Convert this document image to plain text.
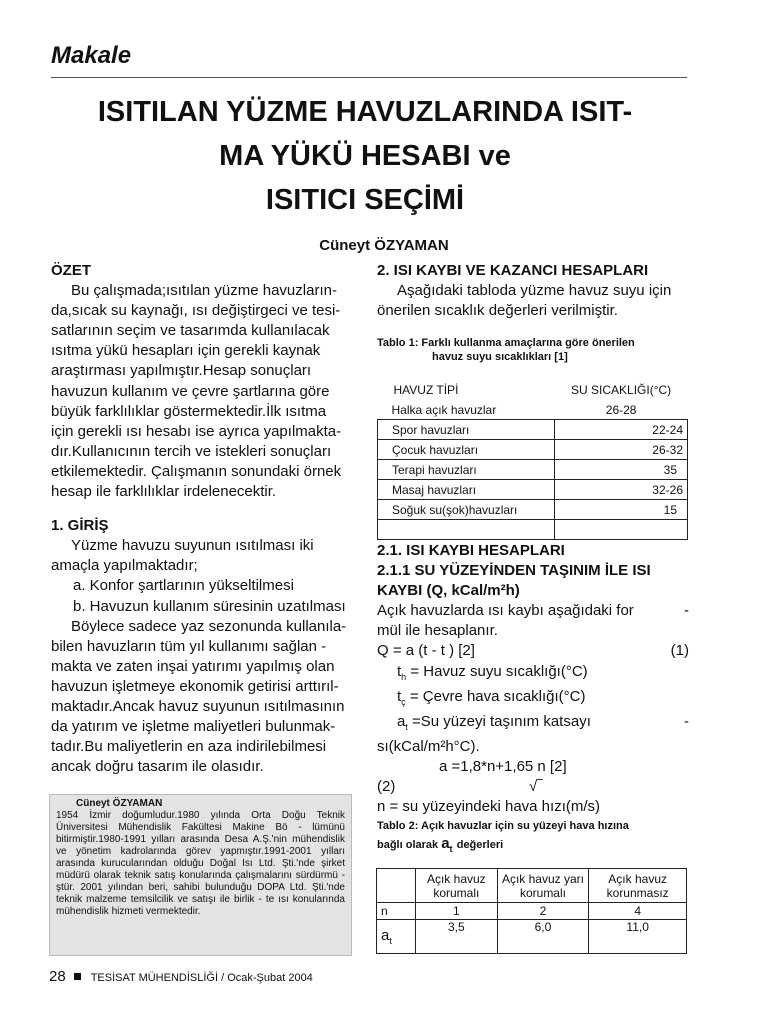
Makale
ISITILAN YÜZME HAVUZLARINDA ISIT-
MA YÜKÜ HESABI ve
ISITICI SEÇİMİ
Cüneyt ÖZYAMAN

ÖZET

Bu çalışmada;ısıtılan yüzme havuzların-

da,sıcak su kaynağı, ısı değiştirgeci ve tesi-

satlarının seçim ve tasarımda kullanılacak

ısıtma yükü hesapları için gerekli kaynak

araştırması yapılmıştır.Hesap sonuçları

havuzun kullanım ve çevre şartlarına göre

büyük farklılıklar göstermektedir.İlk ısıtma

için gerekli ısı hesabı ise ayrıca yapılmakta-

dır.Kullanıcının tercih ve istekleri sonuçları

etkilemektedir. Çalışmanın sonundaki örnek

hesap ile farklılıklar irdelenecektir.

1. GİRİŞ

Yüzme havuzu suyunun ısıtılması iki

amaçla yapılmaktadır;

a. Konfor şartlarının yükseltilmesi

b. Havuzun kullanım süresinin uzatılması

Böylece sadece yaz sezonunda kullanıla-

bilen havuzların tüm yıl kullanımı sağlan -

makta ve zaten inşai yatırımı yapılmış olan

havuzun işletmeye ekonomik getirisi arttırıl-

maktadır.Ancak havuz suyunun ısıtılmasının

da yatırım ve işletme maliyetleri bulunmak-

tadır.Bu maliyetlerin en aza indirilebilmesi

ancak doğru tasarım ile olasıdır.

Cüneyt ÖZYAMAN
1954 İzmir doğumludur.1980 yılında Orta Doğu Teknik Üniversitesi Mühendislik Fakültesi Makine Bö - lümünü bitirmiştir.1980-1991 yılları arasında Desa A.Ş.'nin mühendislik ve yönetim kadrolarında görev yapmıştır.1991-2001 yılları arasında kurucularından olduğu Doğal Isı Ltd. Şti.'nde şirket müdürü olarak teknik satış konularında çalışmalarını sürdürmü - ştür. 2001 yılından beri, sahibi bulunduğu DOPA Ltd. Şti.'nde teknik malzeme temsilcilik ve satışı ile birlik - te ısı konularında mühendislik hizmeti vermektedir.

2. ISI KAYBI VE KAZANCI HESAPLARI

Aşağıdaki tabloda yüzme havuz suyu için

önerilen sıcaklık değerleri verilmiştir.

Tablo 1: Farklı kullanma amaçlarına göre önerilen
havuz suyu sıcaklıkları [1]
HAVUZ TİPİ	SU SICAKLIĞI(°C)
Halka açık havuzlar	26-28
Spor havuzları	22-24
Çocuk havuzları	26-32
Terapi havuzları	35
Masaj havuzları	32-26
Soğuk su(şok)havuzları	15

2.1. ISI KAYBI HESAPLARI

2.1.1 SU YÜZEYİNDEN TAŞINIM İLE ISI

KAYBI (Q, kCal/m²h)

Açık havuzlarda ısı kaybı aşağıdaki for	-

mül ile hesaplanır.

Q = a (t - t ) [2]	(1)

$t_h$ = Havuz suyu sıcaklığı(°C)

$t_ç$ = Çevre hava sıcaklığı(°C)

$a_t =Su$ yüzeyi taşınım katsayı	-

sı(kCal/m²h°C).

a =1,8*n+1,65 n [2]

(2)	√‾

n = su yüzeyindeki hava hızı(m/s)

Tablo 2: Açık havuzlar için su yüzeyi hava hızına
bağlı olarak $a_t$ değerleri
	Açık havuz korumalı	Açık havuz yarı korumalı	Açık havuz korunmasız
n	1	2	4
$a_t$	3,5	6,0	11,0
28 TESİSAT MÜHENDİSLİĞİ / Ocak-Şubat 2004
